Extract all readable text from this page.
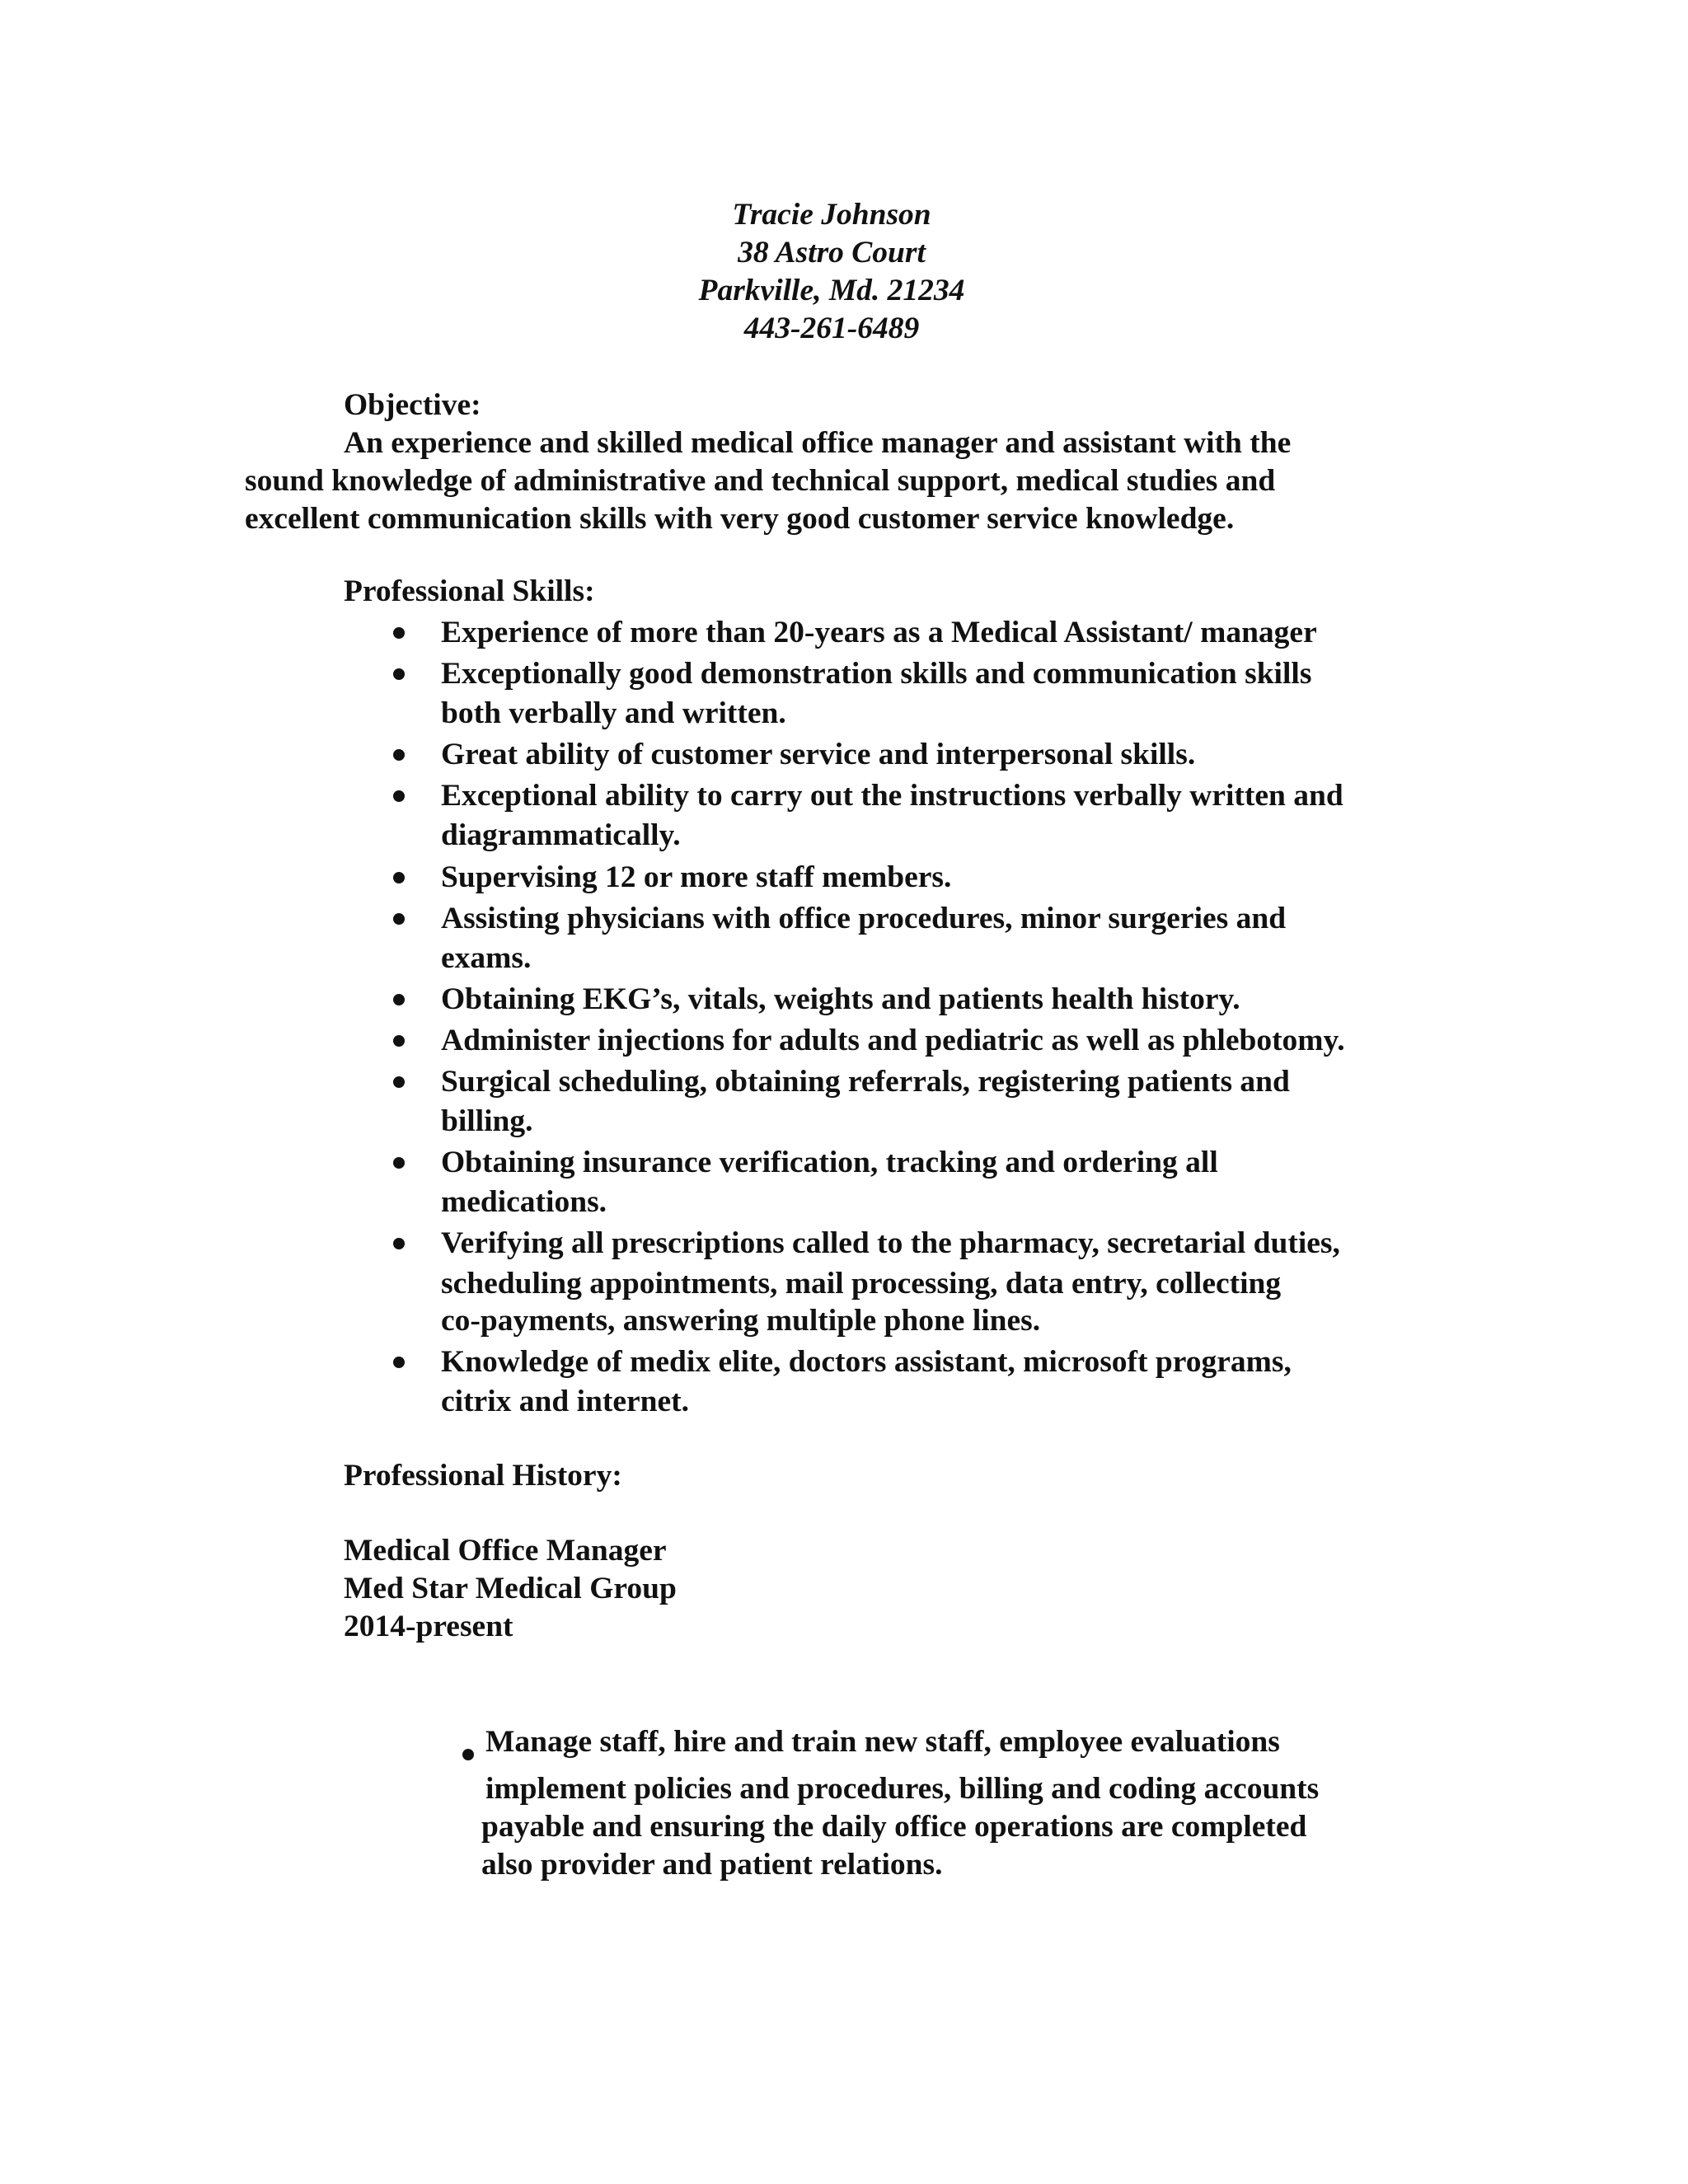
Tracie Johnson
38 Astro Court
Parkville, Md. 21234
443-261-6489
Objective:
An experience and skilled medical office manager and assistant with the
sound knowledge of administrative and technical support, medical studies and
excellent communication skills with very good customer service knowledge.
Professional Skills:
Experience of more than 20-years as a Medical Assistant/ manager
Exceptionally good demonstration skills and communication skills
both verbally and written.
Great ability of customer service and interpersonal skills.
Exceptional ability to carry out the instructions verbally written and
diagrammatically.
Supervising 12 or more staff members.
Assisting physicians with office procedures, minor surgeries and
exams.
Obtaining EKG’s, vitals, weights and patients health history.
Administer injections for adults and pediatric as well as phlebotomy.
Surgical scheduling, obtaining referrals, registering patients and
billing.
Obtaining insurance verification, tracking and ordering all
medications.
Verifying all prescriptions called to the pharmacy, secretarial duties,
scheduling appointments, mail processing, data entry, collecting
co-payments, answering multiple phone lines.
Knowledge of medix elite, doctors assistant, microsoft programs,
citrix and internet.
Professional History:
Medical Office Manager
Med Star Medical Group
2014-present
Manage staff, hire and train new staff, employee evaluations
implement policies and procedures, billing and coding accounts
payable and ensuring the daily office operations are completed
also provider and patient relations.
